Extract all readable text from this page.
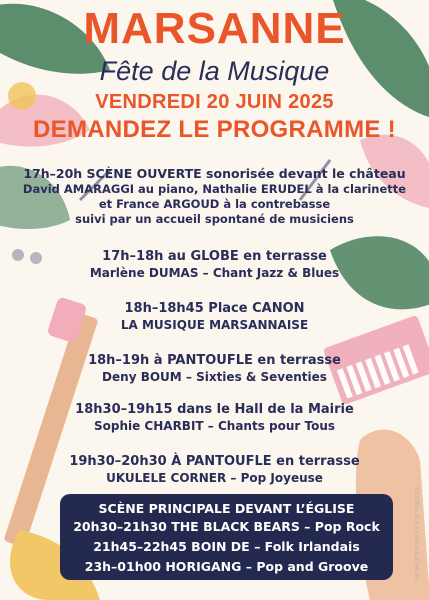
MARSANNE
Fête de la Musique
VENDREDI 20 JUIN 2025
DEMANDEZ LE PROGRAMME !
17h–20h SCÈNE OUVERTE sonorisée devant le château
David AMARAGGI au piano, Nathalie ERUDEL à la clarinette
et France ARGOUD à la contrebasse
suivi par un accueil spontané de musiciens
17h–18h au GLOBE en terrasse
Marlène DUMAS – Chant Jazz & Blues
18h–18h45 Place CANON
LA MUSIQUE MARSANNAISE
18h–19h à PANTOUFLE en terrasse
Deny BOUM – Sixties & Seventies
18h30–19h15 dans le Hall de la Mairie
Sophie CHARBIT – Chants pour Tous
19h30–20h30 À PANTOUFLE en terrasse
UKULELE CORNER – Pop Joyeuse
SCÈNE PRINCIPALE DEVANT L’ÉGLISE
20h30–21h30 THE BLACK BEARS – Pop Rock
21h45–22h45 BOIN DE – Folk Irlandais
23h–01h00 HORIGANG – Pop and Groove	NE PAS JETER SUR LA VOIE PUBLIQUE
